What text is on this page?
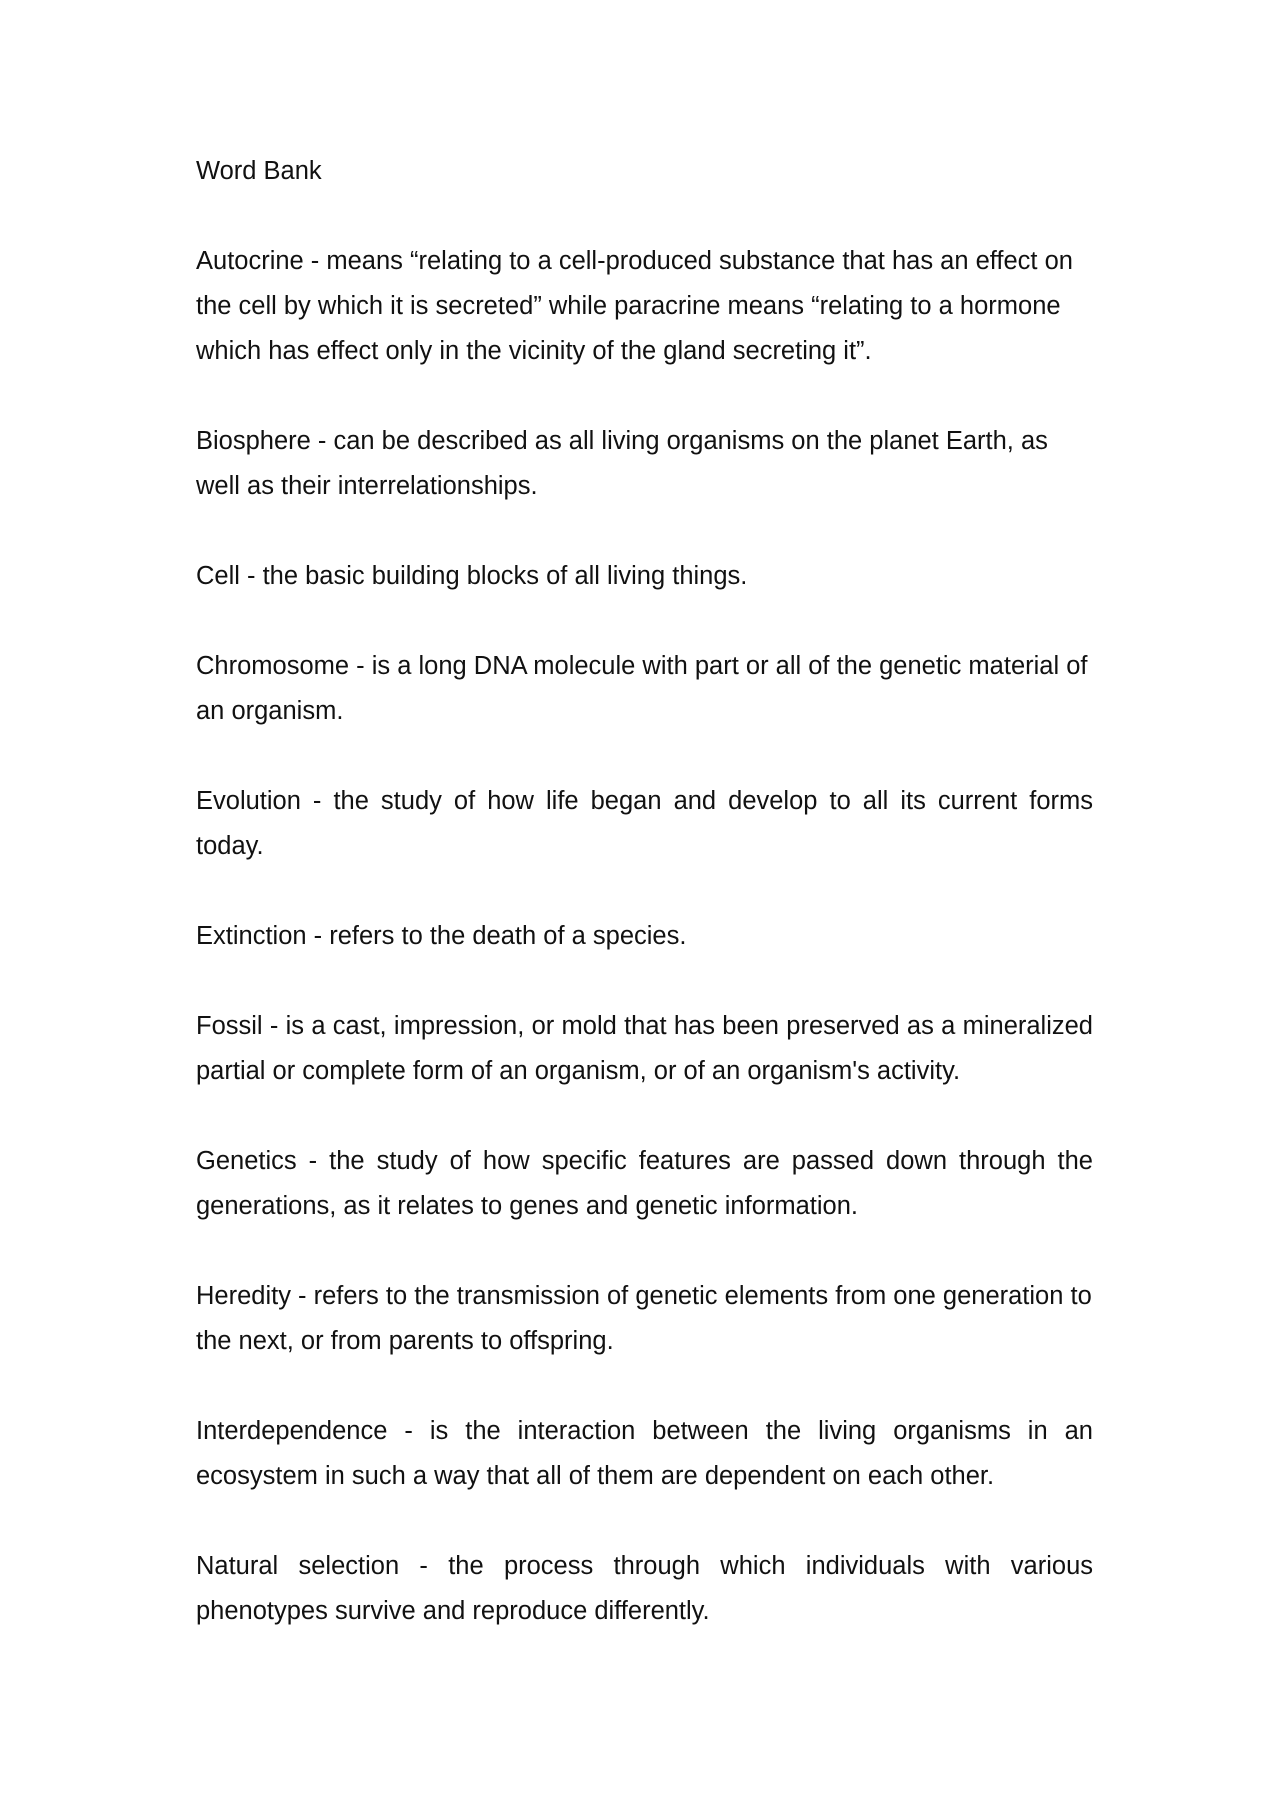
Word Bank

Autocrine - means “relating to a cell-produced substance that has an effect on the cell by which it is secreted” while paracrine means “relating to a hormone which has effect only in the vicinity of the gland secreting it”.

Biosphere - can be described as all living organisms on the planet Earth, as well as their interrelationships.

Cell - the basic building blocks of all living things.

Chromosome - is a long DNA molecule with part or all of the genetic material of an organism.

Evolution - the study of how life began and develop to all its current forms today.

Extinction - refers to the death of a species.

Fossil - is a cast, impression, or mold that has been preserved as a mineralized partial or complete form of an organism, or of an organism's activity.

Genetics - the study of how specific features are passed down through the generations, as it relates to genes and genetic information.

Heredity - refers to the transmission of genetic elements from one generation to the next, or from parents to offspring.

Interdependence - is the interaction between the living organisms in an ecosystem in such a way that all of them are dependent on each other.

Natural selection - the process through which individuals with various phenotypes survive and reproduce differently.
